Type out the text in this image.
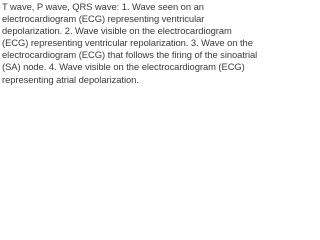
T wave, P wave, QRS wave: 1. Wave seen on an electrocardiogram (ECG) representing ventricular depolarization. 2. Wave visible on the electrocardiogram (ECG) representing ventricular repolarization. 3. Wave on the electrocardiogram (ECG) that follows the firing of the sinoatrial (SA) node. 4. Wave visible on the electrocardiogram (ECG) representing atrial depolarization.
